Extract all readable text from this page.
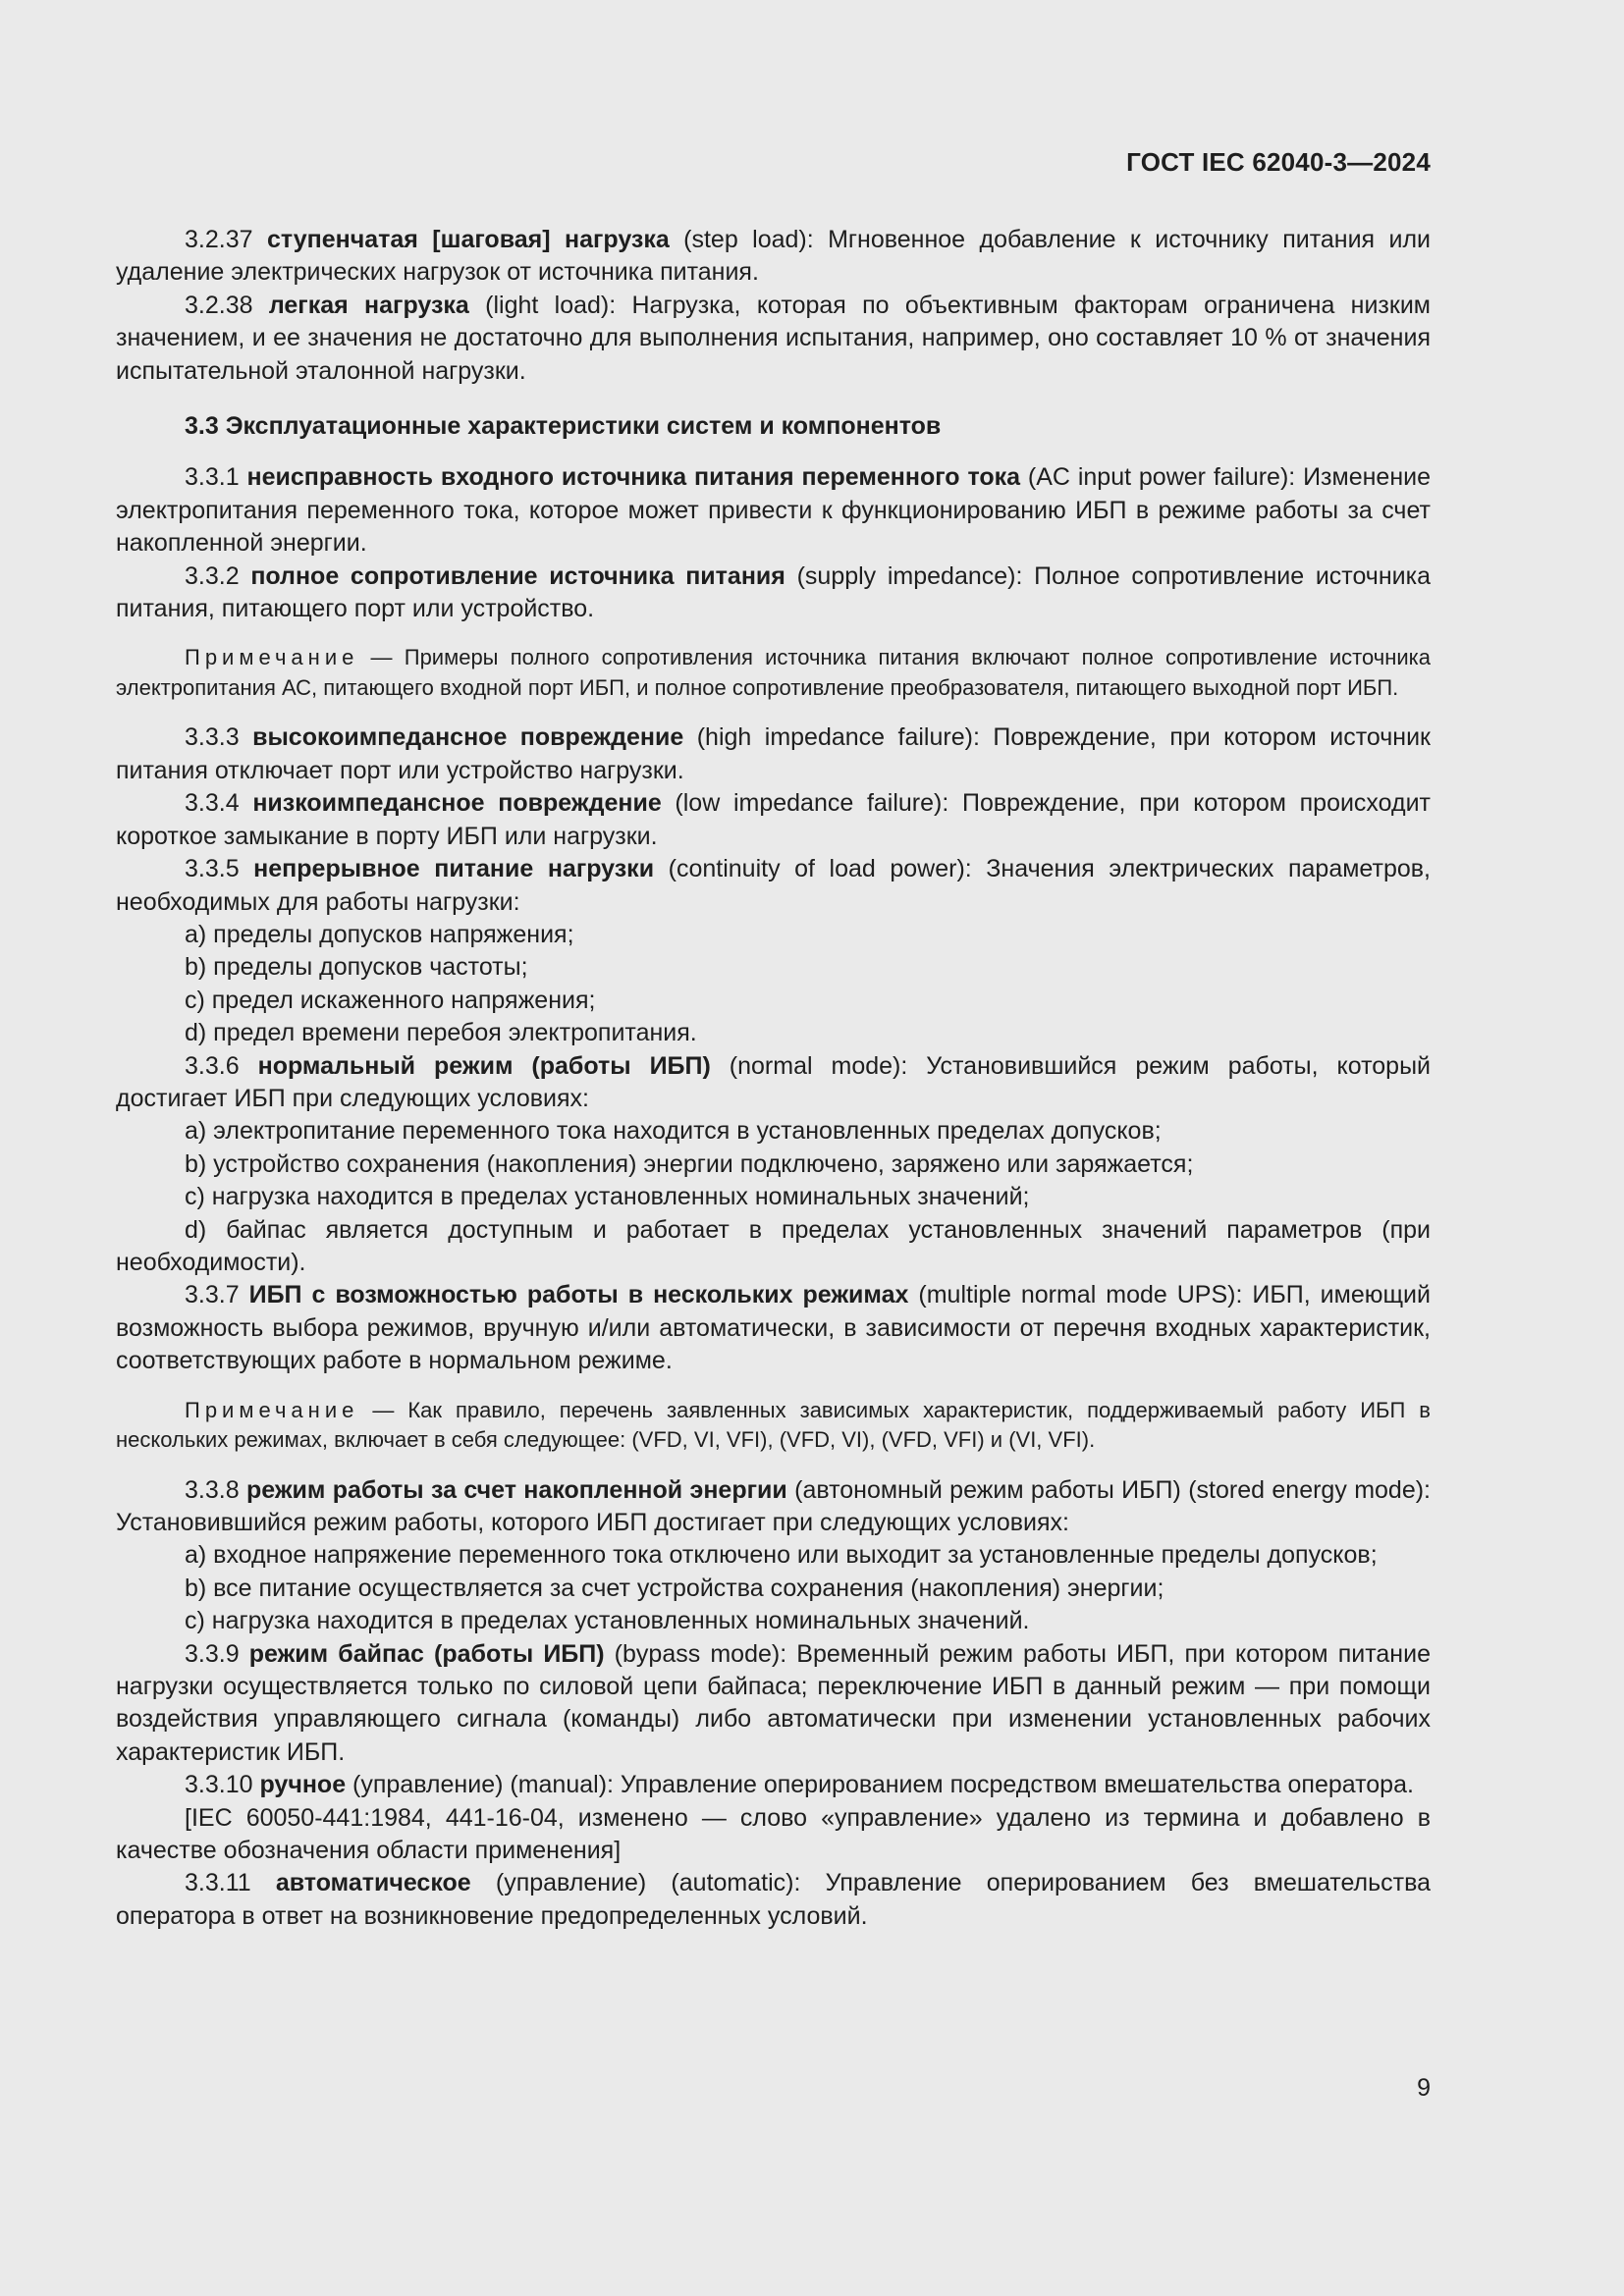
ГОСТ IEC 62040-3—2024

3.2.37 ступенчатая [шаговая] нагрузка (step load): Мгновенное добавление к источнику питания или удаление электрических нагрузок от источника питания.

3.2.38 легкая нагрузка (light load): Нагрузка, которая по объективным факторам ограничена низким значением, и ее значения не достаточно для выполнения испытания, например, оно составляет 10 % от значения испытательной эталонной нагрузки.

3.3 Эксплуатационные характеристики систем и компонентов

3.3.1 неисправность входного источника питания переменного тока (AC input power failure): Изменение электропитания переменного тока, которое может привести к функционированию ИБП в режиме работы за счет накопленной энергии.

3.3.2 полное сопротивление источника питания (supply impedance): Полное сопротивление источника питания, питающего порт или устройство.

Примечание — Примеры полного сопротивления источника питания включают полное сопротивление источника электропитания АС, питающего входной порт ИБП, и полное сопротивление преобразователя, питающего выходной порт ИБП.

3.3.3 высокоимпедансное повреждение (high impedance failure): Повреждение, при котором источник питания отключает порт или устройство нагрузки.

3.3.4 низкоимпедансное повреждение (low impedance failure): Повреждение, при котором происходит короткое замыкание в порту ИБП или нагрузки.

3.3.5 непрерывное питание нагрузки (continuity of load power): Значения электрических параметров, необходимых для работы нагрузки:

a) пределы допусков напряжения;

b) пределы допусков частоты;

c) предел искаженного напряжения;

d) предел времени перебоя электропитания.

3.3.6 нормальный режим (работы ИБП) (normal mode): Установившийся режим работы, который достигает ИБП при следующих условиях:

a) электропитание переменного тока находится в установленных пределах допусков;

b) устройство сохранения (накопления) энергии подключено, заряжено или заряжается;

c) нагрузка находится в пределах установленных номинальных значений;

d) байпас является доступным и работает в пределах установленных значений параметров (при необходимости).

3.3.7 ИБП с возможностью работы в нескольких режимах (multiple normal mode UPS): ИБП, имеющий возможность выбора режимов, вручную и/или автоматически, в зависимости от перечня входных характеристик, соответствующих работе в нормальном режиме.

Примечание — Как правило, перечень заявленных зависимых характеристик, поддерживаемый работу ИБП в нескольких режимах, включает в себя следующее: (VFD, VI, VFI), (VFD, VI), (VFD, VFI) и (VI, VFI).

3.3.8 режим работы за счет накопленной энергии (автономный режим работы ИБП) (stored energy mode): Установившийся режим работы, которого ИБП достигает при следующих условиях:

a) входное напряжение переменного тока отключено или выходит за установленные пределы допусков;

b) все питание осуществляется за счет устройства сохранения (накопления) энергии;

c) нагрузка находится в пределах установленных номинальных значений.

3.3.9 режим байпас (работы ИБП) (bypass mode): Временный режим работы ИБП, при котором питание нагрузки осуществляется только по силовой цепи байпаса; переключение ИБП в данный режим — при помощи воздействия управляющего сигнала (команды) либо автоматически при изменении установленных рабочих характеристик ИБП.

3.3.10 ручное (управление) (manual): Управление оперированием посредством вмешательства оператора.

[IEC 60050-441:1984, 441-16-04, изменено — слово «управление» удалено из термина и добавлено в качестве обозначения области применения]

3.3.11 автоматическое (управление) (automatic): Управление оперированием без вмешательства оператора в ответ на возникновение предопределенных условий.

9
